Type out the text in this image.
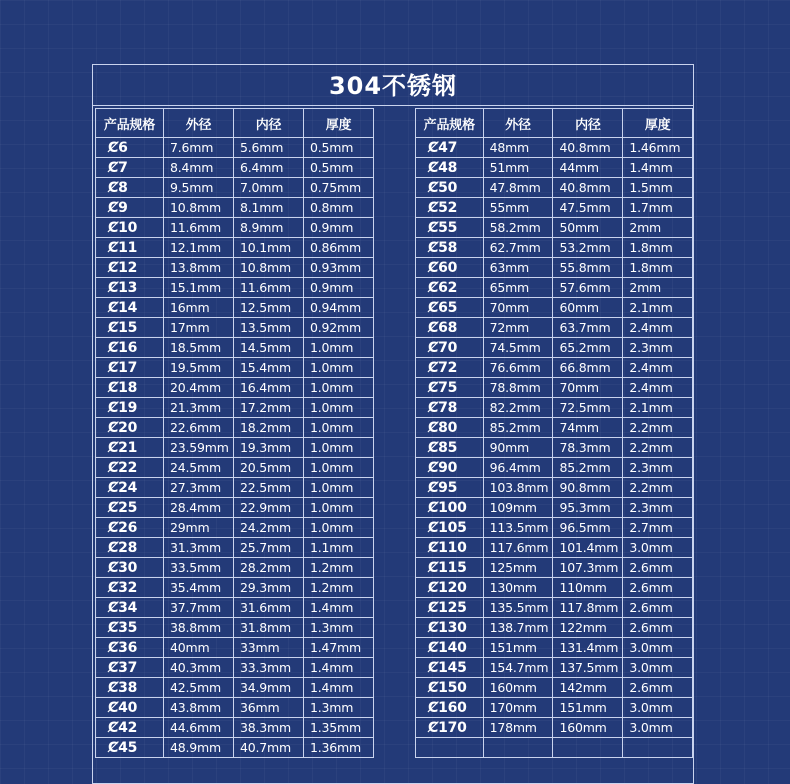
304不锈钢
产品规格	外径	内径	厚度
Ȼ6	7.6mm	5.6mm	0.5mm
Ȼ7	8.4mm	6.4mm	0.5mm
Ȼ8	9.5mm	7.0mm	0.75mm
Ȼ9	10.8mm	8.1mm	0.8mm
Ȼ10	11.6mm	8.9mm	0.9mm
Ȼ11	12.1mm	10.1mm	0.86mm
Ȼ12	13.8mm	10.8mm	0.93mm
Ȼ13	15.1mm	11.6mm	0.9mm
Ȼ14	16mm	12.5mm	0.94mm
Ȼ15	17mm	13.5mm	0.92mm
Ȼ16	18.5mm	14.5mm	1.0mm
Ȼ17	19.5mm	15.4mm	1.0mm
Ȼ18	20.4mm	16.4mm	1.0mm
Ȼ19	21.3mm	17.2mm	1.0mm
Ȼ20	22.6mm	18.2mm	1.0mm
Ȼ21	23.59mm	19.3mm	1.0mm
Ȼ22	24.5mm	20.5mm	1.0mm
Ȼ24	27.3mm	22.5mm	1.0mm
Ȼ25	28.4mm	22.9mm	1.0mm
Ȼ26	29mm	24.2mm	1.0mm
Ȼ28	31.3mm	25.7mm	1.1mm
Ȼ30	33.5mm	28.2mm	1.2mm
Ȼ32	35.4mm	29.3mm	1.2mm
Ȼ34	37.7mm	31.6mm	1.4mm
Ȼ35	38.8mm	31.8mm	1.3mm
Ȼ36	40mm	33mm	1.47mm
Ȼ37	40.3mm	33.3mm	1.4mm
Ȼ38	42.5mm	34.9mm	1.4mm
Ȼ40	43.8mm	36mm	1.3mm
Ȼ42	44.6mm	38.3mm	1.35mm
Ȼ45	48.9mm	40.7mm	1.36mm
产品规格	外径	内径	厚度
Ȼ47	48mm	40.8mm	1.46mm
Ȼ48	51mm	44mm	1.4mm
Ȼ50	47.8mm	40.8mm	1.5mm
Ȼ52	55mm	47.5mm	1.7mm
Ȼ55	58.2mm	50mm	2mm
Ȼ58	62.7mm	53.2mm	1.8mm
Ȼ60	63mm	55.8mm	1.8mm
Ȼ62	65mm	57.6mm	2mm
Ȼ65	70mm	60mm	2.1mm
Ȼ68	72mm	63.7mm	2.4mm
Ȼ70	74.5mm	65.2mm	2.3mm
Ȼ72	76.6mm	66.8mm	2.4mm
Ȼ75	78.8mm	70mm	2.4mm
Ȼ78	82.2mm	72.5mm	2.1mm
Ȼ80	85.2mm	74mm	2.2mm
Ȼ85	90mm	78.3mm	2.2mm
Ȼ90	96.4mm	85.2mm	2.3mm
Ȼ95	103.8mm	90.8mm	2.2mm
Ȼ100	109mm	95.3mm	2.3mm
Ȼ105	113.5mm	96.5mm	2.7mm
Ȼ110	117.6mm	101.4mm	3.0mm
Ȼ115	125mm	107.3mm	2.6mm
Ȼ120	130mm	110mm	2.6mm
Ȼ125	135.5mm	117.8mm	2.6mm
Ȼ130	138.7mm	122mm	2.6mm
Ȼ140	151mm	131.4mm	3.0mm
Ȼ145	154.7mm	137.5mm	3.0mm
Ȼ150	160mm	142mm	2.6mm
Ȼ160	170mm	151mm	3.0mm
Ȼ170	178mm	160mm	3.0mm
